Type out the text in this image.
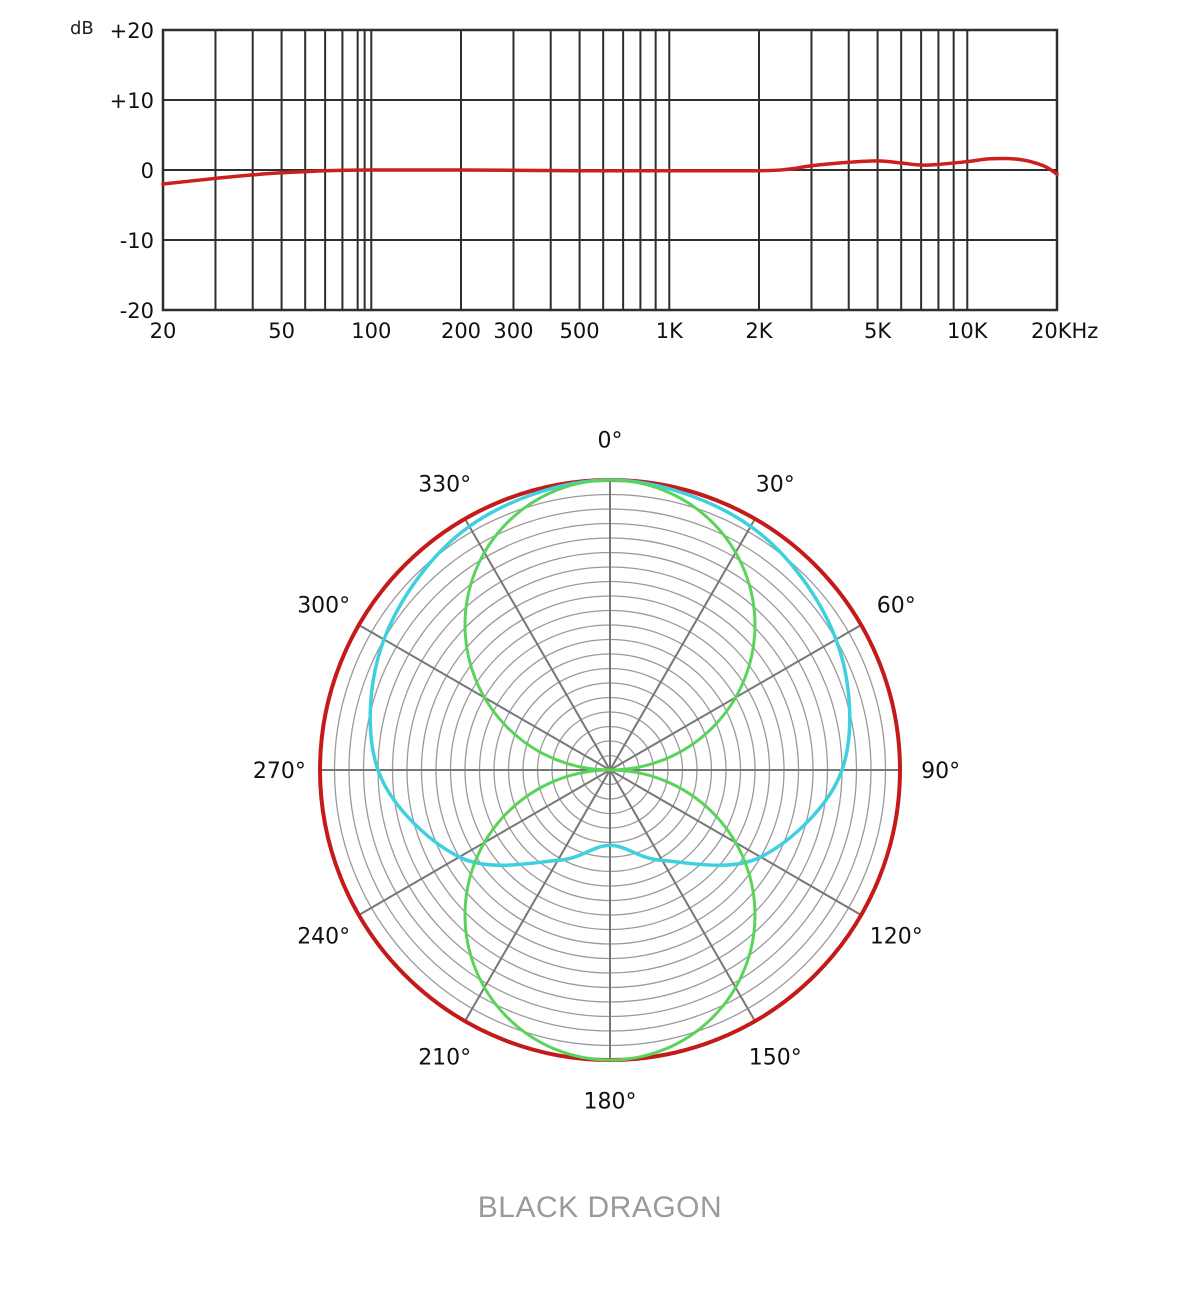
+20
+10
0
-10
-20
dB
20	50	100 200 300 500	1K	2K	5K	10K 20KHz
0°
30°
60°
90°
120°
150°
180°
210°
240°
270°
300°
330°
BLACK DRAGON
